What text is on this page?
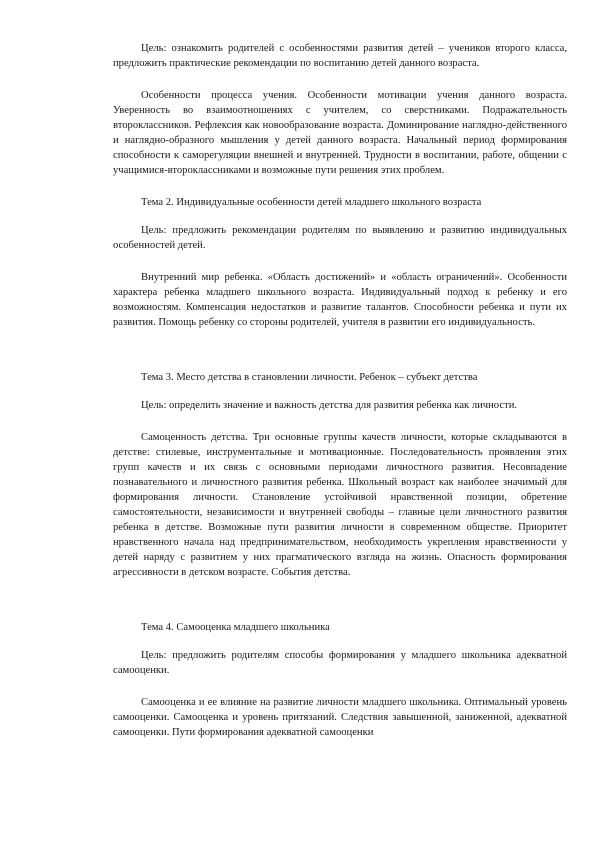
Цель: ознакомить родителей с особенностями развития детей – учеников второго класса, предложить практические рекомендации по воспитанию детей данного возраста.

Особенности процесса учения. Особенности мотивации учения данного возраста. Уверенность во взаимоотношениях с учителем, со сверстниками. Подражательность второклассников. Рефлексия как новообразование возраста. Доминирование наглядно-действенного и наглядно-образного мышления у детей данного возраста. Начальный период формирования способности к саморегуляции внешней и внутренней. Трудности в воспитании, работе, общении с учащимися-второклассниками и возможные пути решения этих проблем.

Тема 2. Индивидуальные особенности детей младшего школьного возраста

Цель: предложить рекомендации родителям по выявлению и развитию индивидуальных особенностей детей.

Внутренний мир ребенка. «Область достижений» и «область ограничений». Особенности характера ребенка младшего школьного возраста. Индивидуальный подход к ребенку и его возможностям. Компенсация недостатков и развитие талантов. Способности ребенка и пути их развития. Помощь ребенку со стороны родителей, учителя в развитии его индивидуальность.

Тема 3. Место детства в становлении личности. Ребенок – субъект детства

Цель: определить значение и важность детства для развития ребенка как личности.

Самоценность детства. Три основные группы качеств личности, которые складываются в детстве: стилевые, инструментальные и мотивационные. Последовательность проявления этих групп качеств и их связь с основными периодами личностного развития. Несовпадение познавательного и личностного развития ребенка. Школьный возраст как наиболее значимый для формирования личности. Становление устойчивой нравственной позиции, обретение самостоятельности, независимости и внутренней свободы – главные цели личностного развития ребенка в детстве. Возможные пути развития личности в современном обществе. Приоритет нравственного начала над предпринимательством, необходимость укрепления нравственности у детей наряду с развитием у них прагматического взгляда на жизнь. Опасность формирования агрессивности в детском возрасте. События детства.

Тема 4. Самооценка младшего школьника

Цель: предложить родителям способы формирования у младшего школьника адекватной самооценки.

Самооценка и ее влияние на развитие личности младшего школьника. Оптимальный уровень самооценки. Самооценка и уровень притязаний. Следствия завышенной, заниженной, адекватной самооценки. Пути формирования адекватной самооценки
